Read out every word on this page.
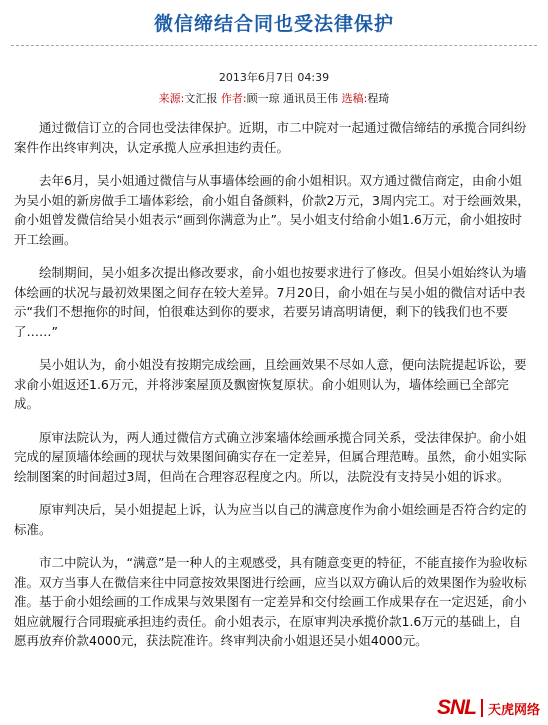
微信缔结合同也受法律保护
2013年6月7日 04:39
来源:文汇报 作者:顾一琼 通讯员王伟 选稿:程琦

通过微信订立的合同也受法律保护。近期，市二中院对一起通过微信缔结的承揽合同纠纷案件作出终审判决，认定承揽人应承担违约责任。

去年6月，吴小姐通过微信与从事墙体绘画的俞小姐相识。双方通过微信商定，由俞小姐为吴小姐的新房做手工墙体彩绘，俞小姐自备颜料，价款2万元，3周内完工。对于绘画效果，俞小姐曾发微信给吴小姐表示“画到你满意为止”。吴小姐支付给俞小姐1.6万元，俞小姐按时开工绘画。

绘制期间，吴小姐多次提出修改要求，俞小姐也按要求进行了修改。但吴小姐始终认为墙体绘画的状况与最初效果图之间存在较大差异。7月20日，俞小姐在与吴小姐的微信对话中表示“我们不想拖你的时间，怕很难达到你的要求，若要另请高明请便，剩下的钱我们也不要了……”

吴小姐认为，俞小姐没有按期完成绘画，且绘画效果不尽如人意，便向法院提起诉讼，要求俞小姐返还1.6万元，并将涉案屋顶及飘窗恢复原状。俞小姐则认为，墙体绘画已全部完成。

原审法院认为，两人通过微信方式确立涉案墙体绘画承揽合同关系，受法律保护。俞小姐完成的屋顶墙体绘画的现状与效果图间确实存在一定差异，但属合理范畴。虽然，俞小姐实际绘制图案的时间超过3周，但尚在合理容忍程度之内。所以，法院没有支持吴小姐的诉求。

原审判决后，吴小姐提起上诉，认为应当以自己的满意度作为俞小姐绘画是否符合约定的标准。

市二中院认为，“满意”是一种人的主观感受，具有随意变更的特征，不能直接作为验收标准。双方当事人在微信来往中同意按效果图进行绘画，应当以双方确认后的效果图作为验收标准。基于俞小姐绘画的工作成果与效果图有一定差异和交付绘画工作成果存在一定迟延，俞小姐应就履行合同瑕疵承担违约责任。俞小姐表示，在原审判决承揽价款1.6万元的基础上，自愿再放弃价款4000元，获法院准许。终审判决俞小姐退还吴小姐4000元。

SNL 天虎网络
